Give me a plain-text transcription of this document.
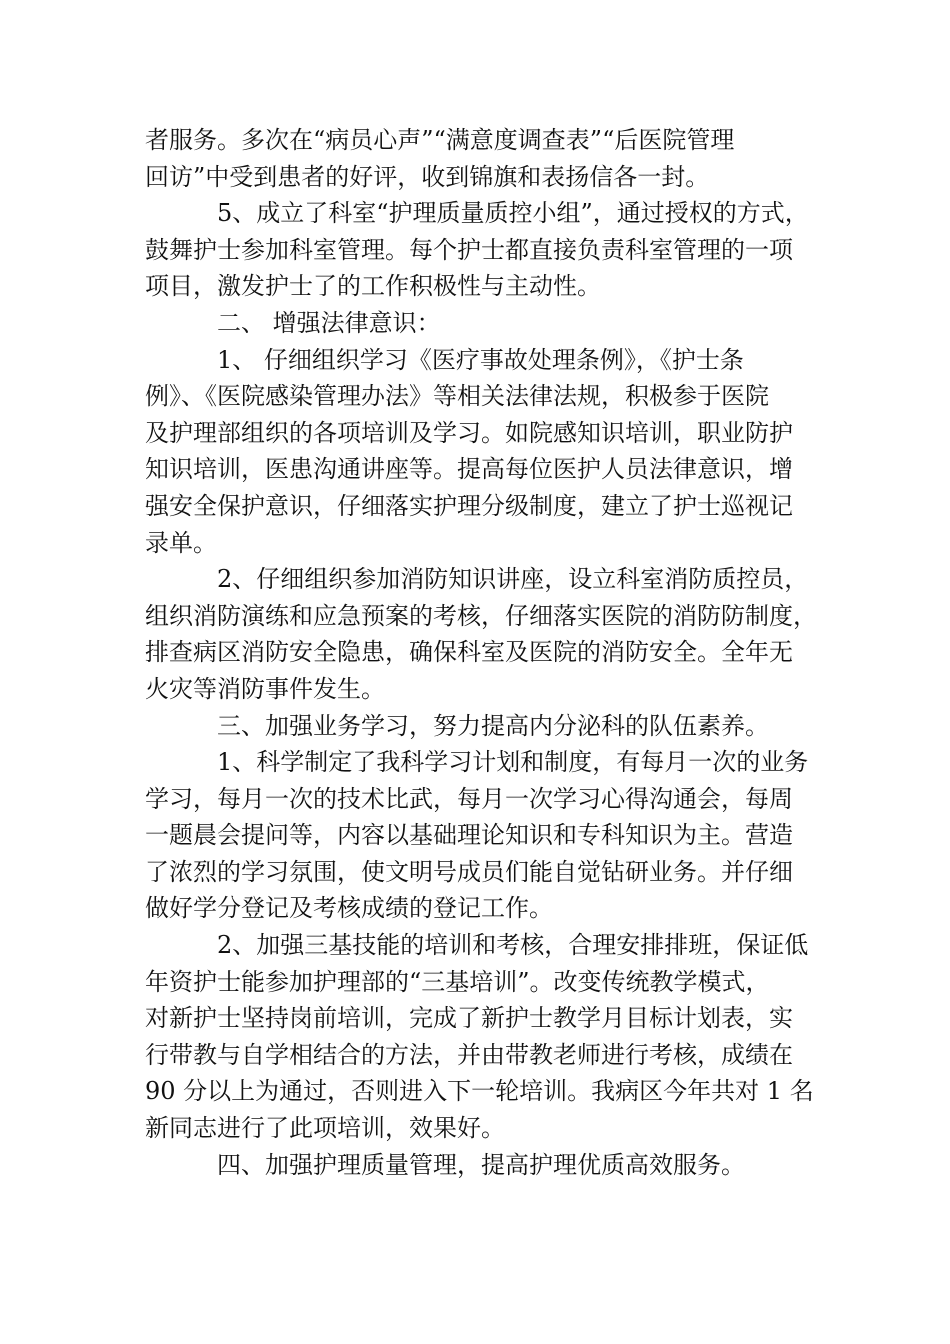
者服务。多次在“病员心声”“满意度调查表”“后医院管理
回访”中受到患者的好评，收到锦旗和表扬信各一封。
5、成立了科室“护理质量质控小组”，通过授权的方式，
鼓舞护士参加科室管理。每个护士都直接负责科室管理的一项
项目，激发护士了的工作积极性与主动性。
二、 增强法律意识：
1、 仔细组织学习《医疗事故处理条例》，《护士条
例》、《医院感染管理办法》等相关法律法规，积极参于医院
及护理部组织的各项培训及学习。如院感知识培训，职业防护
知识培训，医患沟通讲座等。提高每位医护人员法律意识，增
强安全保护意识，仔细落实护理分级制度，建立了护士巡视记
录单。
2、仔细组织参加消防知识讲座，设立科室消防质控员，
组织消防演练和应急预案的考核，仔细落实医院的消防防制度，
排查病区消防安全隐患，确保科室及医院的消防安全。全年无
火灾等消防事件发生。
三、加强业务学习，努力提高内分泌科的队伍素养。
1、科学制定了我科学习计划和制度，有每月一次的业务
学习，每月一次的技术比武，每月一次学习心得沟通会，每周
一题晨会提问等，内容以基础理论知识和专科知识为主。营造
了浓烈的学习氛围，使文明号成员们能自觉钻研业务。并仔细
做好学分登记及考核成绩的登记工作。
2、加强三基技能的培训和考核，合理安排排班，保证低
年资护士能参加护理部的“三基培训”。改变传统教学模式，
对新护士坚持岗前培训，完成了新护士教学月目标计划表，实
行带教与自学相结合的方法，并由带教老师进行考核，成绩在
90 分以上为通过，否则进入下一轮培训。我病区今年共对 1 名
新同志进行了此项培训，效果好。
四、加强护理质量管理，提高护理优质高效服务。
